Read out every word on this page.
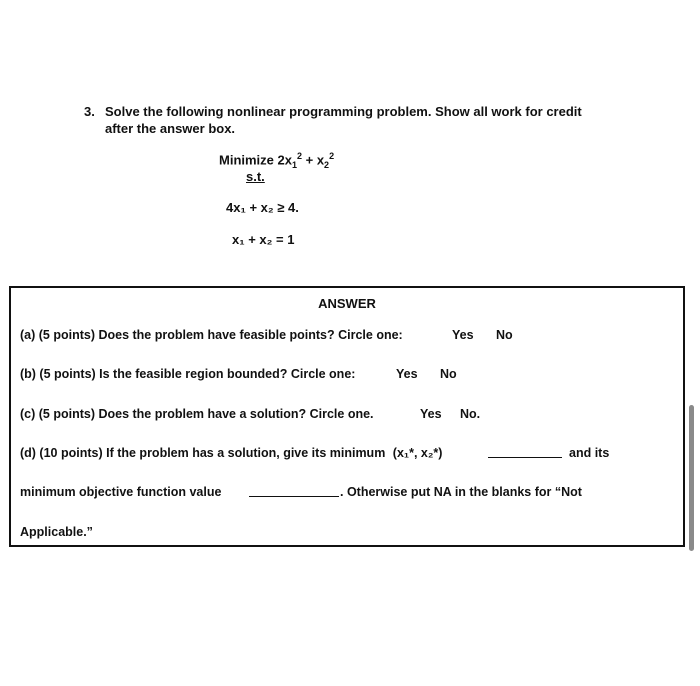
3. Solve the following nonlinear programming problem. Show all work for credit
after the answer box.
Minimize $2x_1^2 + x_2^2$
s.t.
4x₁ + x₂ ≥ 4.
x₁ + x₂ = 1
ANSWER
(a) (5 points) Does the problem have feasible points? Circle one:	Yes No
(b) (5 points) Is the feasible region bounded? Circle one:	Yes No
(c) (5 points) Does the problem have a solution? Circle one.	Yes No.
(d) (10 points) If the problem has a solution, give its minimum (x₁*, x₂*)	and its
minimum objective function value	. Otherwise put NA in the blanks for “Not
Applicable.”
